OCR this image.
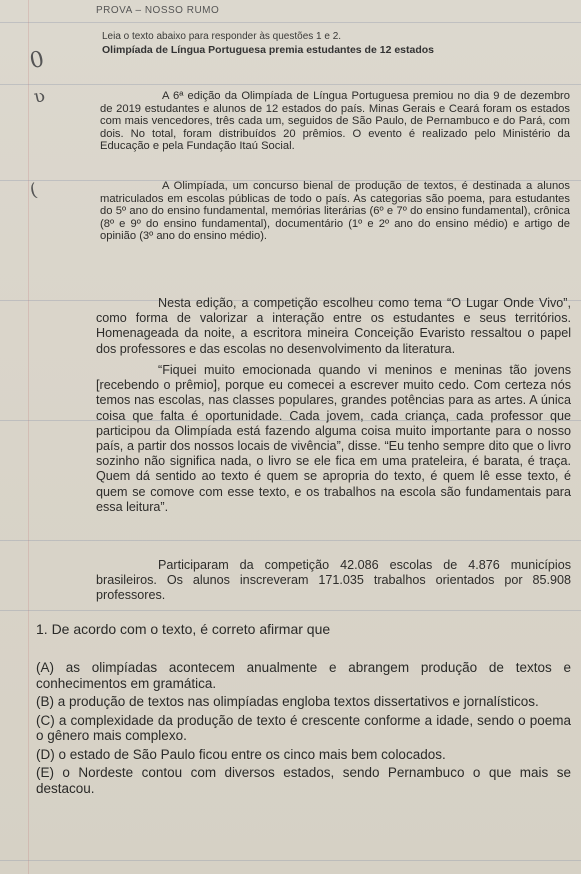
0
ʋ
(
PROVA – NOSSO RUMO
Leia o texto abaixo para responder às questões 1 e 2.
Olimpíada de Língua Portuguesa premia estudantes de 12 estados
A 6ª edição da Olimpíada de Língua Portuguesa premiou no dia 9 de dezembro de 2019 estudantes e alunos de 12 estados do país. Minas Gerais e Ceará foram os estados com mais vencedores, três cada um, seguidos de São Paulo, de Pernambuco e do Pará, com dois. No total, foram distribuídos 20 prêmios. O evento é realizado pelo Ministério da Educação e pela Fundação Itaú Social.
A Olimpíada, um concurso bienal de produção de textos, é destinada a alunos matriculados em escolas públicas de todo o país. As categorias são poema, para estudantes do 5º ano do ensino fundamental, memórias literárias (6º e 7º do ensino fundamental), crônica (8º e 9º do ensino fundamental), documentário (1º e 2º ano do ensino médio) e artigo de opinião (3º ano do ensino médio).
Nesta edição, a competição escolheu como tema “O Lugar Onde Vivo”, como forma de valorizar a interação entre os estudantes e seus territórios. Homenageada da noite, a escritora mineira Conceição Evaristo ressaltou o papel dos professores e das escolas no desenvolvimento da literatura.
“Fiquei muito emocionada quando vi meninos e meninas tão jovens [recebendo o prêmio], porque eu comecei a escrever muito cedo. Com certeza nós temos nas escolas, nas classes populares, grandes potências para as artes. A única coisa que falta é oportunidade. Cada jovem, cada criança, cada professor que participou da Olimpíada está fazendo alguma coisa muito importante para o nosso país, a partir dos nossos locais de vivência”, disse. “Eu tenho sempre dito que o livro sozinho não significa nada, o livro se ele fica em uma prateleira, é barata, é traça. Quem dá sentido ao texto é quem se apropria do texto, é quem lê esse texto, é quem se comove com esse texto, e os trabalhos na escola são fundamentais para essa leitura”.
Participaram da competição 42.086 escolas de 4.876 municípios brasileiros. Os alunos inscreveram 171.035 trabalhos orientados por 85.908 professores.
1. De acordo com o texto, é correto afirmar que
(A) as olimpíadas acontecem anualmente e abrangem produção de textos e conhecimentos em gramática.
(B) a produção de textos nas olimpíadas engloba textos dissertativos e jornalísticos.
(C) a complexidade da produção de texto é crescente conforme a idade, sendo o poema o gênero mais complexo.
(D) o estado de São Paulo ficou entre os cinco mais bem colocados.
(E) o Nordeste contou com diversos estados, sendo Pernambuco o que mais se destacou.
